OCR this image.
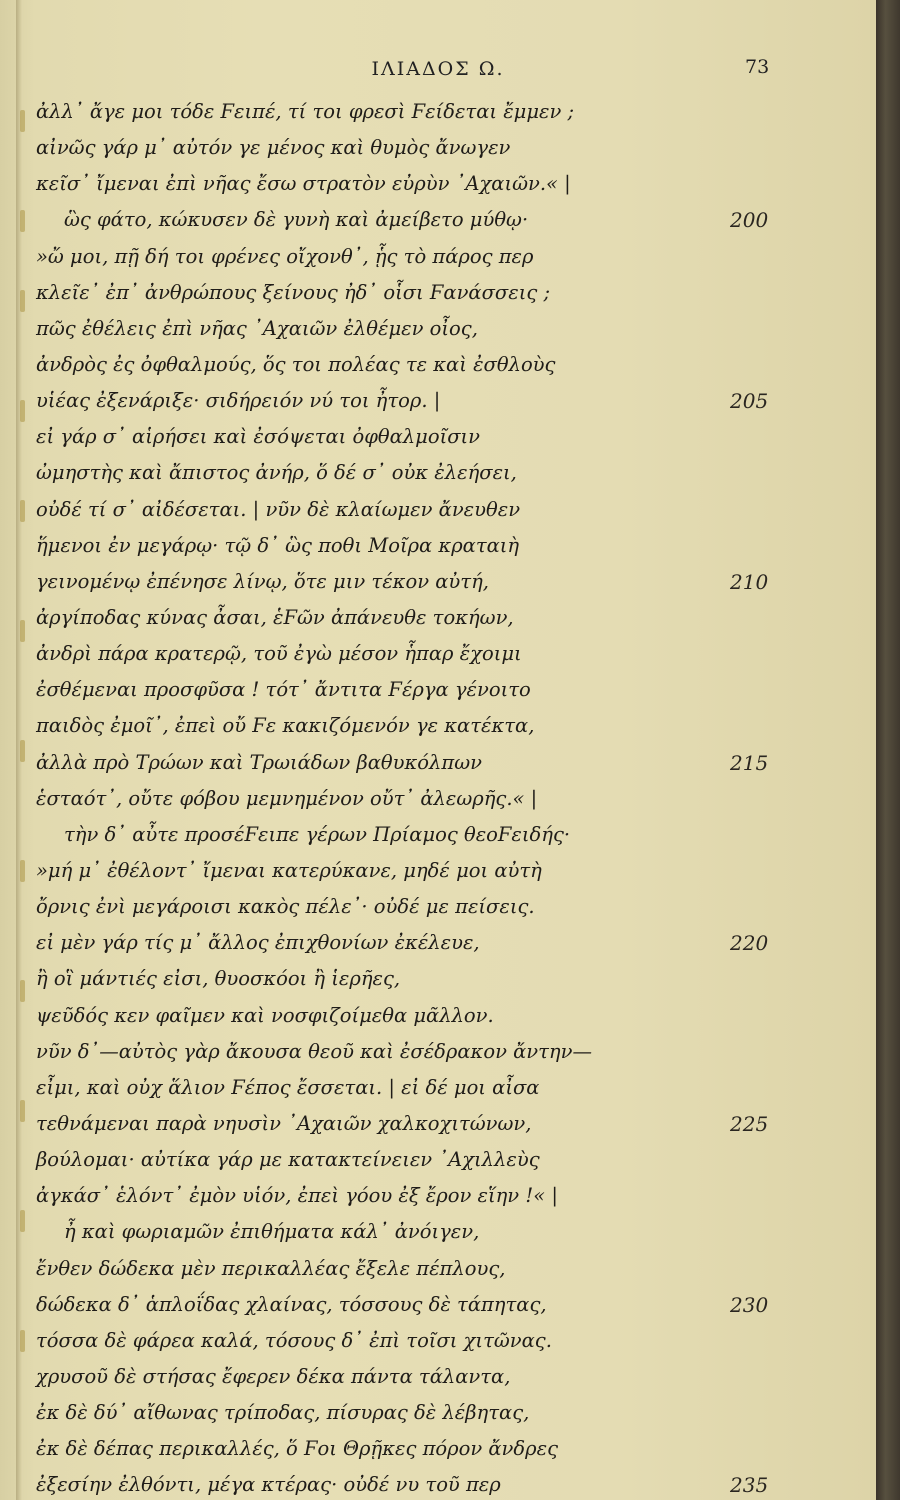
ΙΛΙΑΔΟΣ Ω.	73
ἀλλ᾿ ἄγε μοι τόδε Ϝειπέ, τί τοι φρεσὶ Ϝείδεται ἔμμεν ;
αἰνῶς γάρ μ᾿ αὐτόν γε μένος καὶ θυμὸς ἄνωγεν
κεῖσ᾿ ἴμεναι ἐπὶ νῆας ἔσω στρατὸν εὐρὺν ᾿Αχαιῶν.« |
ὣς φάτο, κώκυσεν δὲ γυνὴ καὶ ἀμείβετο μύθῳ·	200
»ὤ μοι, πῇ δή τοι φρένες οἴχονθ᾿, ᾗς τὸ πάρος περ
κλεῖε᾿ ἐπ᾿ ἀνθρώπους ξείνους ἠδ᾿ οἷσι Ϝανάσσεις ;
πῶς ἐθέλεις ἐπὶ νῆας ᾿Αχαιῶν ἐλθέμεν οἶος,
ἀνδρὸς ἐς ὀφθαλμούς, ὅς τοι πολέας τε καὶ ἐσθλοὺς
υἱέας ἐξενάριξε· σιδήρειόν νύ τοι ἦτορ. |	205
εἰ γάρ σ᾿ αἱρήσει καὶ ἐσόψεται ὀφθαλμοῖσιν
ὠμηστὴς καὶ ἄπιστος ἀνήρ, ὅ δέ σ᾿ οὐκ ἐλεήσει,
οὐδέ τί σ᾿ αἰδέσεται. | νῦν δὲ κλαίωμεν ἄνευθεν
ἥμενοι ἐν μεγάρῳ· τῷ δ᾿ ὣς ποθι Μοῖρα κραταιὴ
γεινομένῳ ἐπένησε λίνῳ, ὅτε μιν τέκον αὐτή,	210
ἀργίποδας κύνας ἆσαι, ἑϜῶν ἀπάνευθε τοκήων,
ἀνδρὶ πάρα κρατερῷ, τοῦ ἐγὼ μέσον ἧπαρ ἔχοιμι
ἐσθέμεναι προσφῦσα ! τότ᾿ ἄντιτα Ϝέργα γένοιτο
παιδὸς ἐμοῖ᾿, ἐπεὶ οὔ Ϝε κακιζόμενόν γε κατέκτα,
ἀλλὰ πρὸ Τρώων καὶ Τρωιάδων βαθυκόλπων	215
ἑσταότ᾿, οὔτε φόβου μεμνημένον οὔτ᾿ ἀλεωρῆς.« |
τὴν δ᾿ αὖτε προσέϜειπε γέρων Πρίαμος θεοϜειδής·
»μή μ᾿ ἐθέλοντ᾿ ἴμεναι κατερύκανε, μηδέ μοι αὐτὴ
ὄρνις ἐνὶ μεγάροισι κακὸς πέλε᾿· οὐδέ με πείσεις.
εἰ μὲν γάρ τίς μ᾿ ἄλλος ἐπιχθονίων ἐκέλευε,	220
ἢ οἳ μάντιές εἰσι, θυοσκόοι ἢ ἱερῆες,
ψεῦδός κεν φαῖμεν καὶ νοσφιζοίμεθα μᾶλλον.
νῦν δ᾿—αὐτὸς γὰρ ἄκουσα θεοῦ καὶ ἐσέδρακον ἄντην—
εἶμι, καὶ οὐχ ἅλιον Ϝέπος ἔσσεται. | εἰ δέ μοι αἶσα
τεθνάμεναι παρὰ νηυσὶν ᾿Αχαιῶν χαλκοχιτώνων,	225
βούλομαι· αὐτίκα γάρ με κατακτείνειεν ᾿Αχιλλεὺς
ἀγκάσ᾿ ἑλόντ᾿ ἐμὸν υἱόν, ἐπεὶ γόου ἐξ ἔρον εἵην !« |
ἦ καὶ φωριαμῶν ἐπιθήματα κάλ᾿ ἀνόιγεν,
ἔνθεν δώδεκα μὲν περικαλλέας ἔξελε πέπλους,
δώδεκα δ᾿ ἁπλοΐδας χλαίνας, τόσσους δὲ τάπητας,	230
τόσσα δὲ φάρεα καλά, τόσους δ᾿ ἐπὶ τοῖσι χιτῶνας.
χρυσοῦ δὲ στήσας ἔφερεν δέκα πάντα τάλαντα,
ἐκ δὲ δύ᾿ αἴθωνας τρίποδας, πίσυρας δὲ λέβητας,
ἐκ δὲ δέπας περικαλλές, ὅ Ϝοι Θρῇκες πόρον ἄνδρες
ἐξεσίην ἐλθόντι, μέγα κτέρας· οὐδέ νυ τοῦ περ	235
